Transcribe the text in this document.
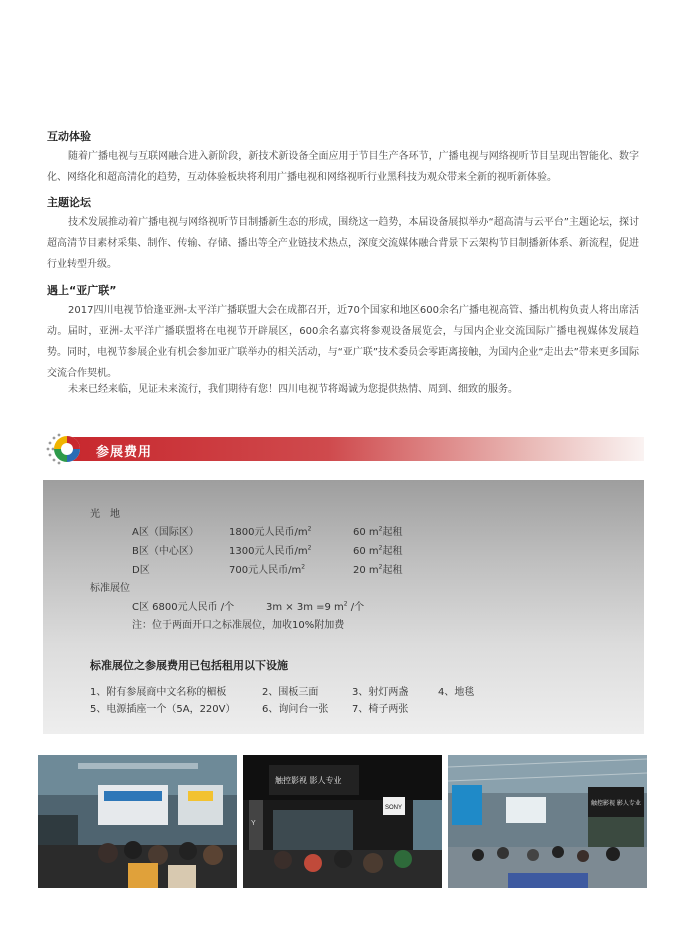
互动体验
随着广播电视与互联网融合进入新阶段，新技术新设备全面应用于节目生产各环节，广播电视与网络视听节目呈现出智能化、数字化、网络化和超高清化的趋势，互动体验板块将利用广播电视和网络视听行业黑科技为观众带来全新的视听新体验。
主题论坛
技术发展推动着广播电视与网络视听节目制播新生态的形成，围绕这一趋势，本届设备展拟举办“超高清与云平台”主题论坛，探讨超高清节目素材采集、制作、传输、存储、播出等全产业链技术热点，深度交流媒体融合背景下云架构节目制播新体系、新流程，促进行业转型升级。
遇上“亚广联”
2017四川电视节恰逢亚洲-太平洋广播联盟大会在成都召开，近70个国家和地区600余名广播电视高管、播出机构负责人将出席活动。届时，亚洲-太平洋广播联盟将在电视节开辟展区，600余名嘉宾将参观设备展览会，与国内企业交流国际广播电视媒体发展趋势。同时，电视节参展企业有机会参加亚广联举办的相关活动，与“亚广联”技术委员会零距离接触，为国内企业“走出去”带来更多国际交流合作契机。
未来已经来临，见证未来流行，我们期待有您！四川电视节将竭诚为您提供热情、周到、细致的服务。
参展费用
光　地
A区（国际区）	1800元人民币$/m^2$	60 $m^2$起租
B区（中心区）	1300元人民币$/m^2$	60 $m^2$起租
D区	700元人民币$/m^2$	20 $m^2$起租
标准展位
C区 6800元人民币 /个	3m × 3m =9 $m^2$ /个
注：位于两面开口之标准展位，加收10%附加费
标准展位之参展费用已包括租用以下设施
1、附有参展商中文名称的楣板	2、围板三面	3、射灯两盏	4、地毯
5、电源插座一个（5A，220V）	6、询问台一张 7、椅子两张
触控影视 影人专业
SONY
Y
触控影视 影人专业
